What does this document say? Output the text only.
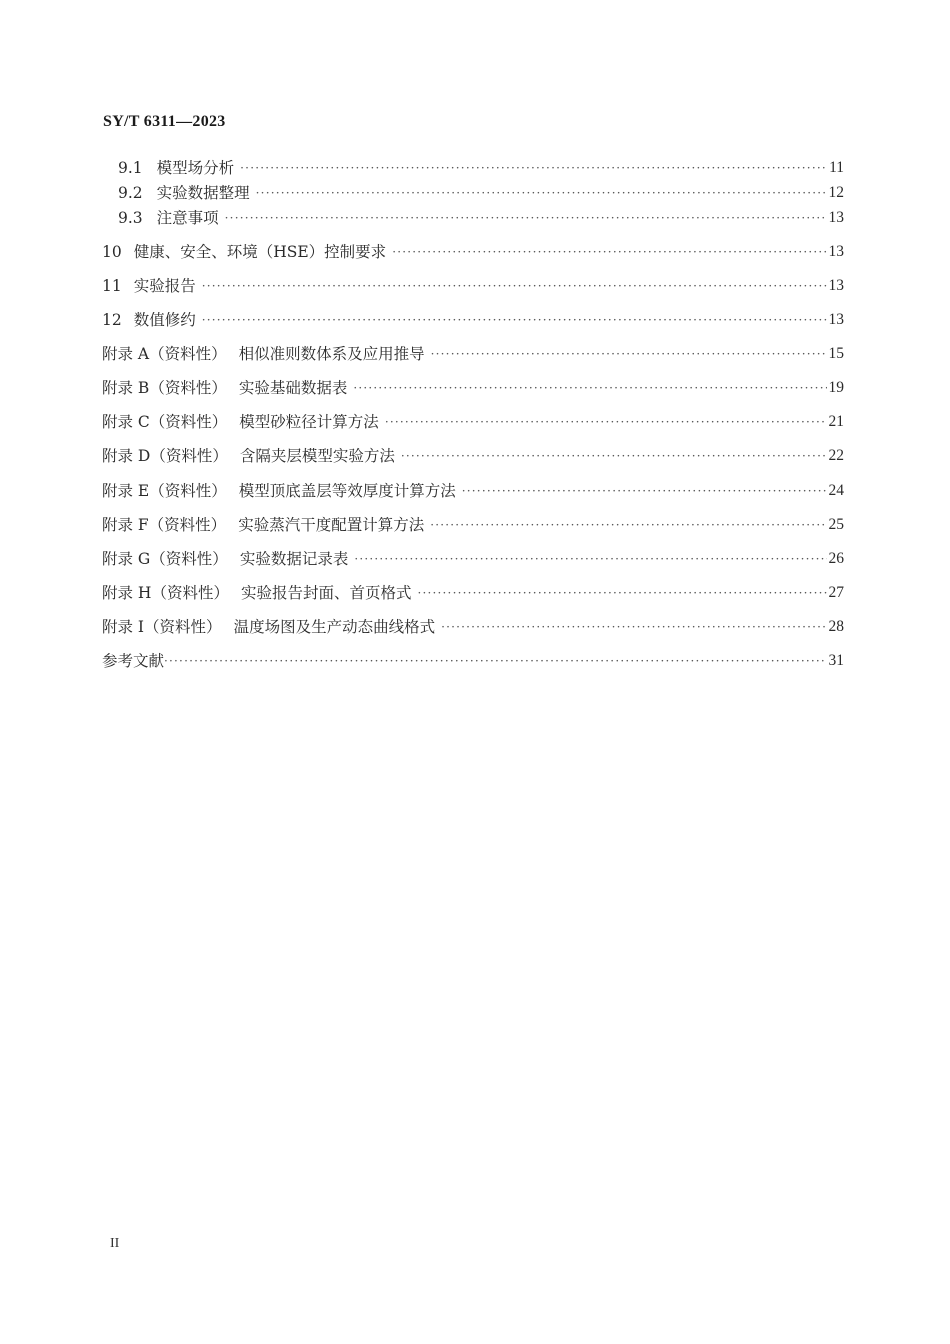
SY/T 6311—2023
9.1 模型场分析 ·····	11
9.2 实验数据整理 ·····	12
9.3 注意事项 ·····	13
10 健康、安全、环境（HSE）控制要求 ·····	13
11 实验报告 ·····	13
12 数值修约 ·····	13
附录 A（资料性） 相似准则数体系及应用推导 ·····	15
附录 B（资料性） 实验基础数据表 ·····	19
附录 C（资料性） 模型砂粒径计算方法 ·····	21
附录 D（资料性） 含隔夹层模型实验方法 ·····	22
附录 E（资料性） 模型顶底盖层等效厚度计算方法 ·····	24
附录 F（资料性） 实验蒸汽干度配置计算方法 ·····	25
附录 G（资料性） 实验数据记录表 ·····	26
附录 H（资料性） 实验报告封面、首页格式 ·····	27
附录 I（资料性） 温度场图及生产动态曲线格式 ·····	28
参考文献 ·····	31
II
